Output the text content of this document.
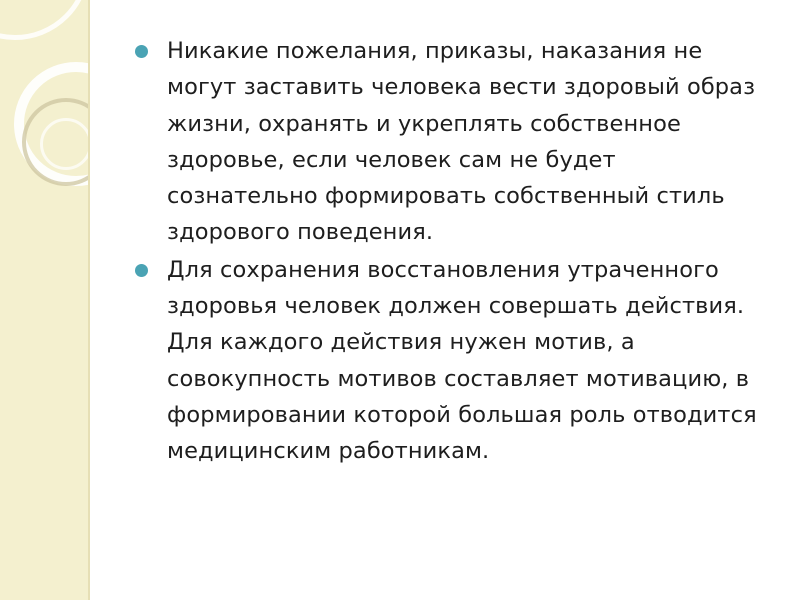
Никакие пожелания, приказы, наказания не могут заставить человека вести здоровый образ жизни, охранять и укреплять собственное здоровье, если человек сам не будет сознательно формировать собственный стиль здорового поведения.
Для сохранения восстановления утраченного здоровья человек должен совершать действия. Для каждого действия нужен мотив, а совокупность мотивов составляет мотивацию, в формировании которой большая роль отводится медицинским работникам.
